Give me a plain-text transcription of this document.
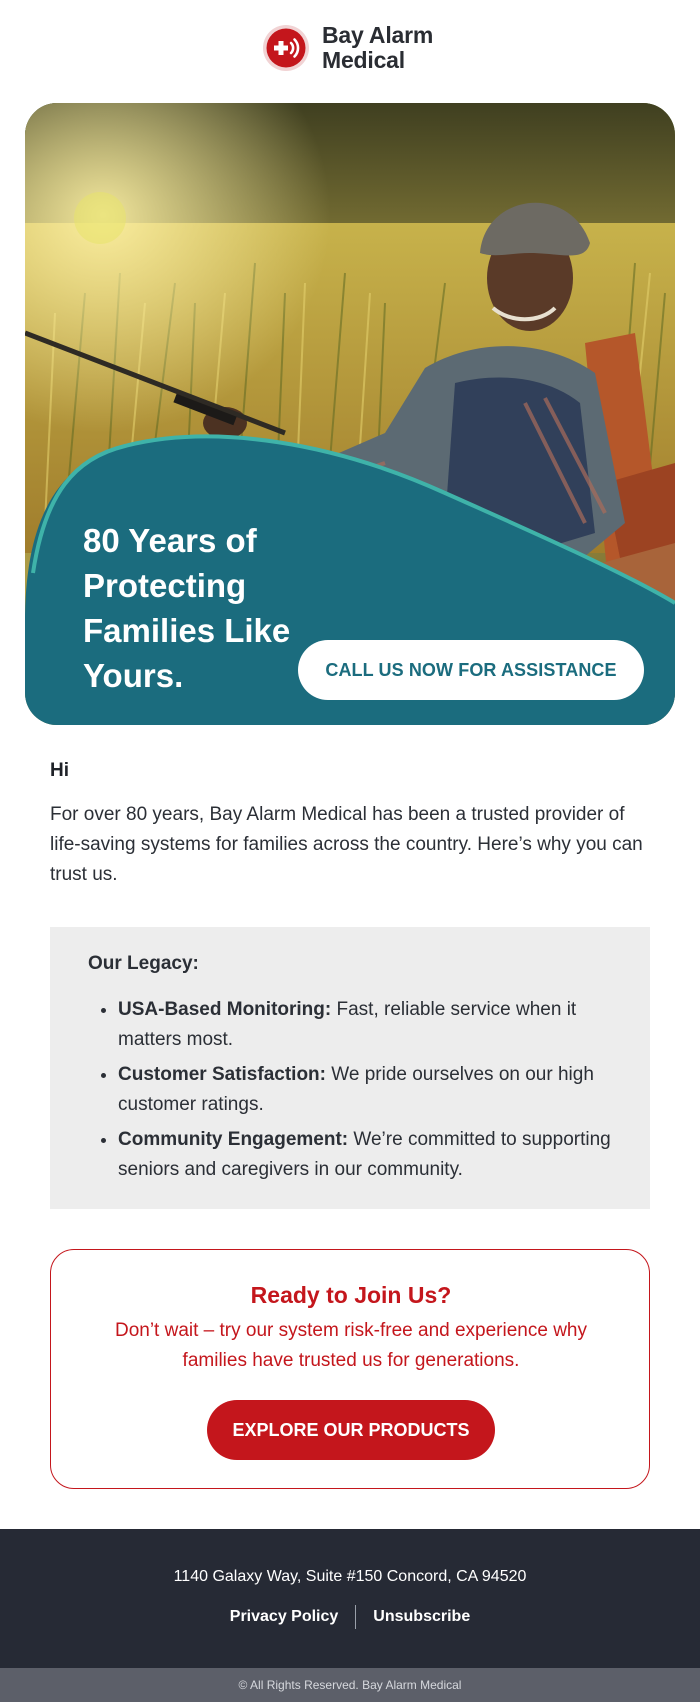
Bay Alarm
Medical
80 Years of Protecting Families Like Yours.	CALL US NOW FOR ASSISTANCE

Hi

For over 80 years, Bay Alarm Medical has been a trusted provider of life-saving systems for families across the country. Here’s why you can trust us.

Our Legacy:

• USA-Based Monitoring: Fast, reliable service when it matters most.
• Customer Satisfaction: We pride ourselves on our high customer ratings.
• Community Engagement: We’re committed to supporting seniors and caregivers in our community.

Ready to Join Us?

Don’t wait – try our system risk-free and experience why families have trusted us for generations.

EXPLORE OUR PRODUCTS

1140 Galaxy Way, Suite #150 Concord, CA 94520

Privacy Policy	Unsubscribe
© All Rights Reserved. Bay Alarm Medical
